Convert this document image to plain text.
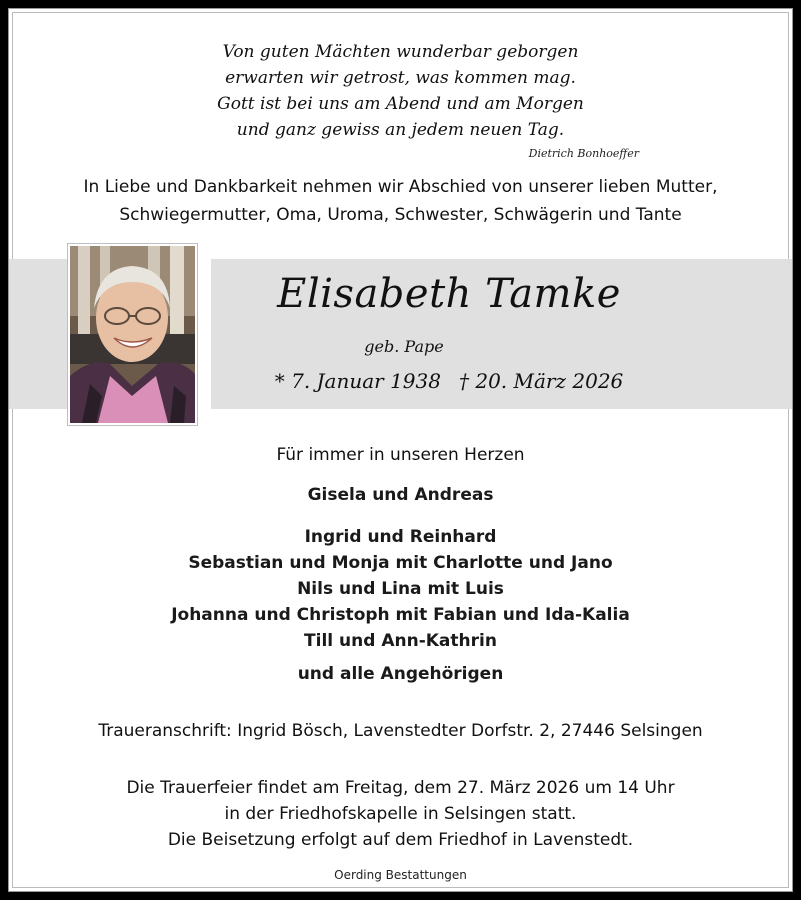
Von guten Mächten wunderbar geborgen
erwarten wir getrost, was kommen mag.
Gott ist bei uns am Abend und am Morgen
und ganz gewiss an jedem neuen Tag.
Dietrich Bonhoeffer
In Liebe und Dankbarkeit nehmen wir Abschied von unserer lieben Mutter,
Schwiegermutter, Oma, Uroma, Schwester, Schwägerin und Tante
Elisabeth Tamke
geb. Pape
* 7. Januar 1938 † 20. März 2026
Für immer in unseren Herzen
Gisela und Andreas
Ingrid und Reinhard
Sebastian und Monja mit Charlotte und Jano
Nils und Lina mit Luis
Johanna und Christoph mit Fabian und Ida-Kalia
Till und Ann-Kathrin
und alle Angehörigen
Traueranschrift: Ingrid Bösch, Lavenstedter Dorfstr. 2, 27446 Selsingen
Die Trauerfeier findet am Freitag, dem 27. März 2026 um 14 Uhr
in der Friedhofskapelle in Selsingen statt.
Die Beisetzung erfolgt auf dem Friedhof in Lavenstedt.
Oerding Bestattungen
